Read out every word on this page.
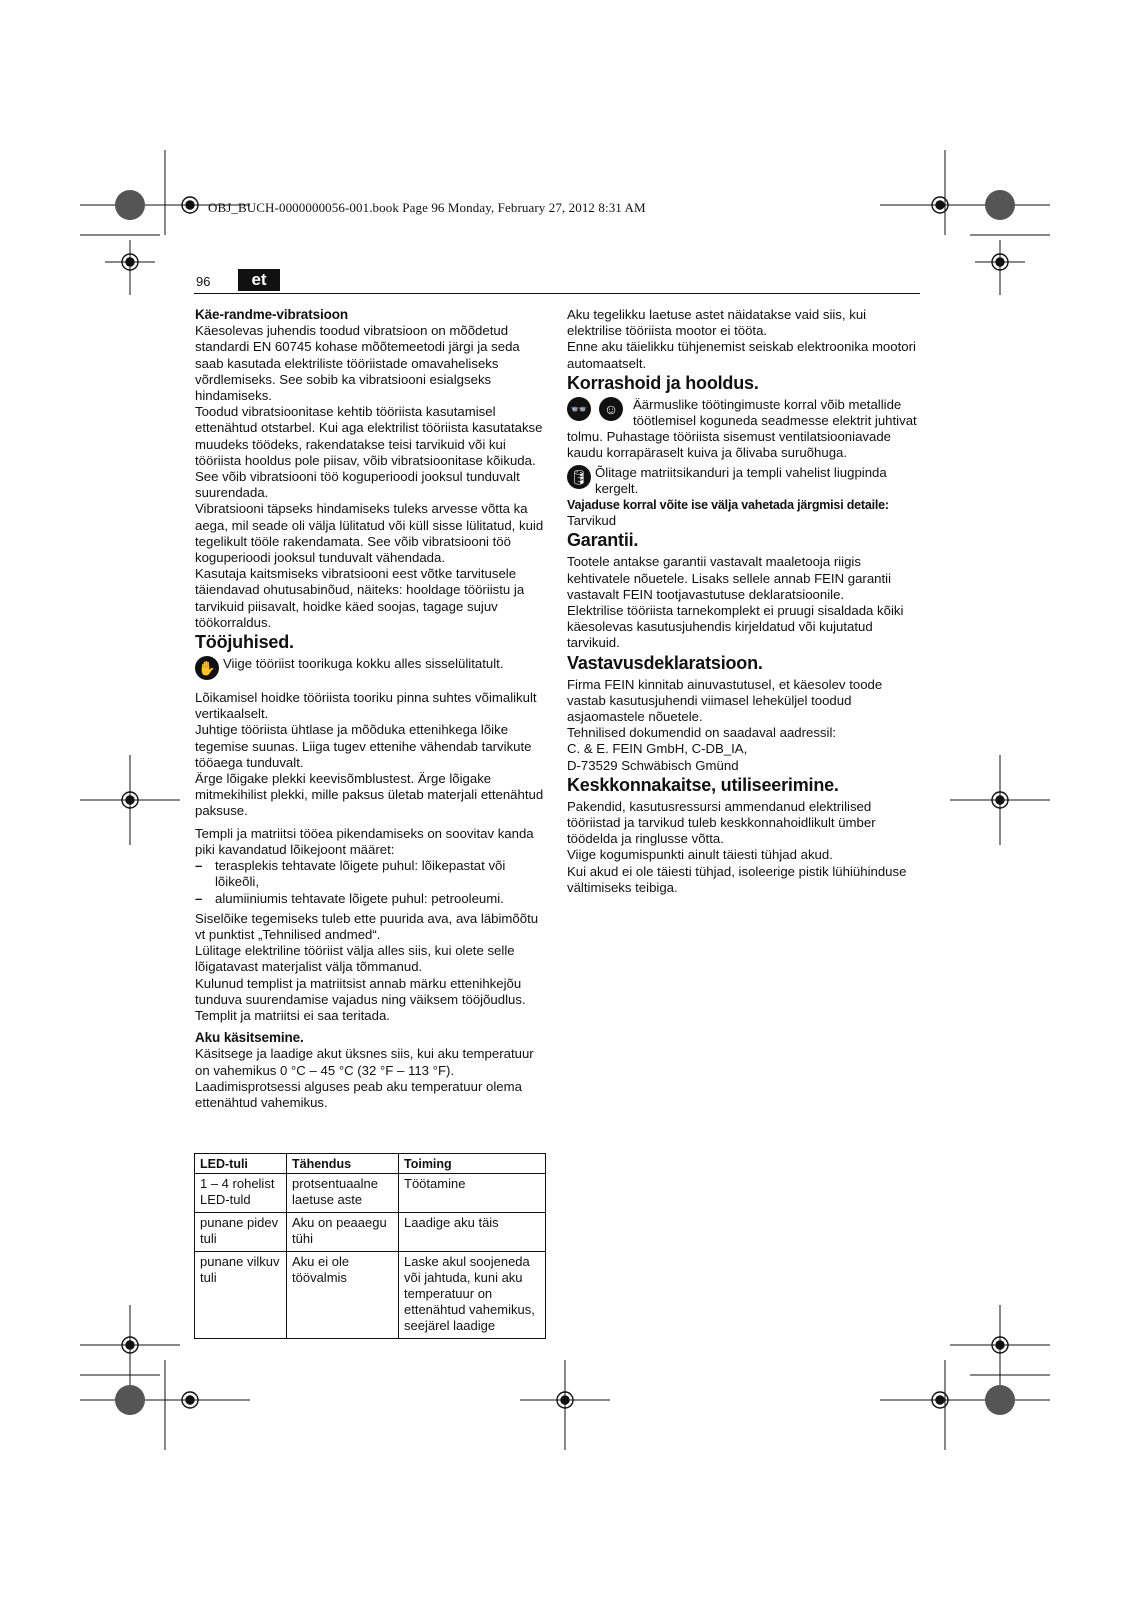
OBJ_BUCH-0000000056-001.book Page 96 Monday, February 27, 2012 8:31 AM
96	et

Käe-randme-vibratsioon

Käesolevas juhendis toodud vibratsioon on mõõdetud standardi EN 60745 kohase mõõtemeetodi järgi ja seda saab kasutada elektriliste tööriistade omavaheliseks võrdlemiseks. See sobib ka vibratsiooni esialgseks hindamiseks.

Toodud vibratsioonitase kehtib tööriista kasutamisel ettenähtud otstarbel. Kui aga elektrilist tööriista kasutatakse muudeks töödeks, rakendatakse teisi tarvikuid või kui tööriista hooldus pole piisav, võib vibratsioonitase kõikuda. See võib vibratsiooni töö koguperioodi jooksul tunduvalt suurendada.

Vibratsiooni täpseks hindamiseks tuleks arvesse võtta ka aega, mil seade oli välja lülitatud või küll sisse lülitatud, kuid tegelikult tööle rakendamata. See võib vibratsiooni töö koguperioodi jooksul tunduvalt vähendada.

Kasutaja kaitsmiseks vibratsiooni eest võtke tarvitusele täiendavad ohutusabinõud, näiteks: hooldage tööriistu ja tarvikuid piisavalt, hoidke käed soojas, tagage sujuv töökorraldus.

Tööjuhised.

✋ Viige tööriist toorikuga kokku alles sisselülitatult.

Lõikamisel hoidke tööriista tooriku pinna suhtes võimalikult vertikaalselt.

Juhtige tööriista ühtlase ja mõõduka ettenihkega lõike tegemise suunas. Liiga tugev ettenihe vähendab tarvikute tööaega tunduvalt.

Ärge lõigake plekki keevisõmblustest. Ärge lõigake mitmekihilist plekki, mille paksus ületab materjali ettenähtud paksuse.

Templi ja matriitsi tööea pikendamiseks on soovitav kanda piki kavandatud lõikejoont määret:

– terasplekis tehtavate lõigete puhul: lõikepastat või lõikeõli,
– alumiiniumis tehtavate lõigete puhul: petrooleumi.

Siselõike tegemiseks tuleb ette puurida ava, ava läbimõõtu vt punktist „Tehnilised andmed“.

Lülitage elektriline tööriist välja alles siis, kui olete selle lõigatavast materjalist välja tõmmanud.

Kulunud templist ja matriitsist annab märku ettenihkejõu tunduva suurendamise vajadus ning väiksem tööjõudlus.

Templit ja matriitsi ei saa teritada.

Aku käsitsemine.

Käsitsege ja laadige akut üksnes siis, kui aku temperatuur on vahemikus 0 °C – 45 °C (32 °F – 113 °F).

Laadimisprotsessi alguses peab aku temperatuur olema ettenähtud vahemikus.

LED-tuli	Tähendus	Toiming
1 – 4 rohelist LED-tuld	protsentuaalne laetuse aste	Töötamine
punane pidev tuli	Aku on peaaegu tühi	Laadige aku täis
punane vilkuv tuli	Aku ei ole töövalmis	Laske akul soojeneda või jahtuda, kuni aku temperatuur on ettenähtud vahemikus, seejärel laadige

Aku tegelikku laetuse astet näidatakse vaid siis, kui elektrilise tööriista mootor ei tööta.

Enne aku täielikku tühjenemist seiskab elektroonika mootori automaatselt.

Korrashoid ja hooldus.

👓	☺	Äärmuslike töötingimuste korral võib metallide töötlemisel koguneda seadmesse elektrit juhtivat tolmu. Puhastage tööriista sisemust ventilatsiooniavade kaudu korrapäraselt kuiva ja õlivaba suruõhuga.
🛢 Õlitage matriitsikanduri ja templi vahelist liugpinda kergelt.

Vajaduse korral võite ise välja vahetada järgmisi detaile:

Tarvikud

Garantii.

Tootele antakse garantii vastavalt maaletooja riigis kehtivatele nõuetele. Lisaks sellele annab FEIN garantii vastavalt FEIN tootjavastutuse deklaratsioonile.

Elektrilise tööriista tarnekomplekt ei pruugi sisaldada kõiki käesolevas kasutusjuhendis kirjeldatud või kujutatud tarvikuid.

Vastavusdeklaratsioon.

Firma FEIN kinnitab ainuvastutusel, et käesolev toode vastab kasutusjuhendi viimasel leheküljel toodud asjaomastele nõuetele.

Tehnilised dokumendid on saadaval aadressil:

C. & E. FEIN GmbH, C-DB_IA,

D-73529 Schwäbisch Gmünd

Keskkonnakaitse, utiliseerimine.

Pakendid, kasutusressursi ammendanud elektrilised tööriistad ja tarvikud tuleb keskkonnahoidlikult ümber töödelda ja ringlusse võtta.

Viige kogumispunkti ainult täiesti tühjad akud.

Kui akud ei ole täiesti tühjad, isoleerige pistik lühiühinduse vältimiseks teibiga.
